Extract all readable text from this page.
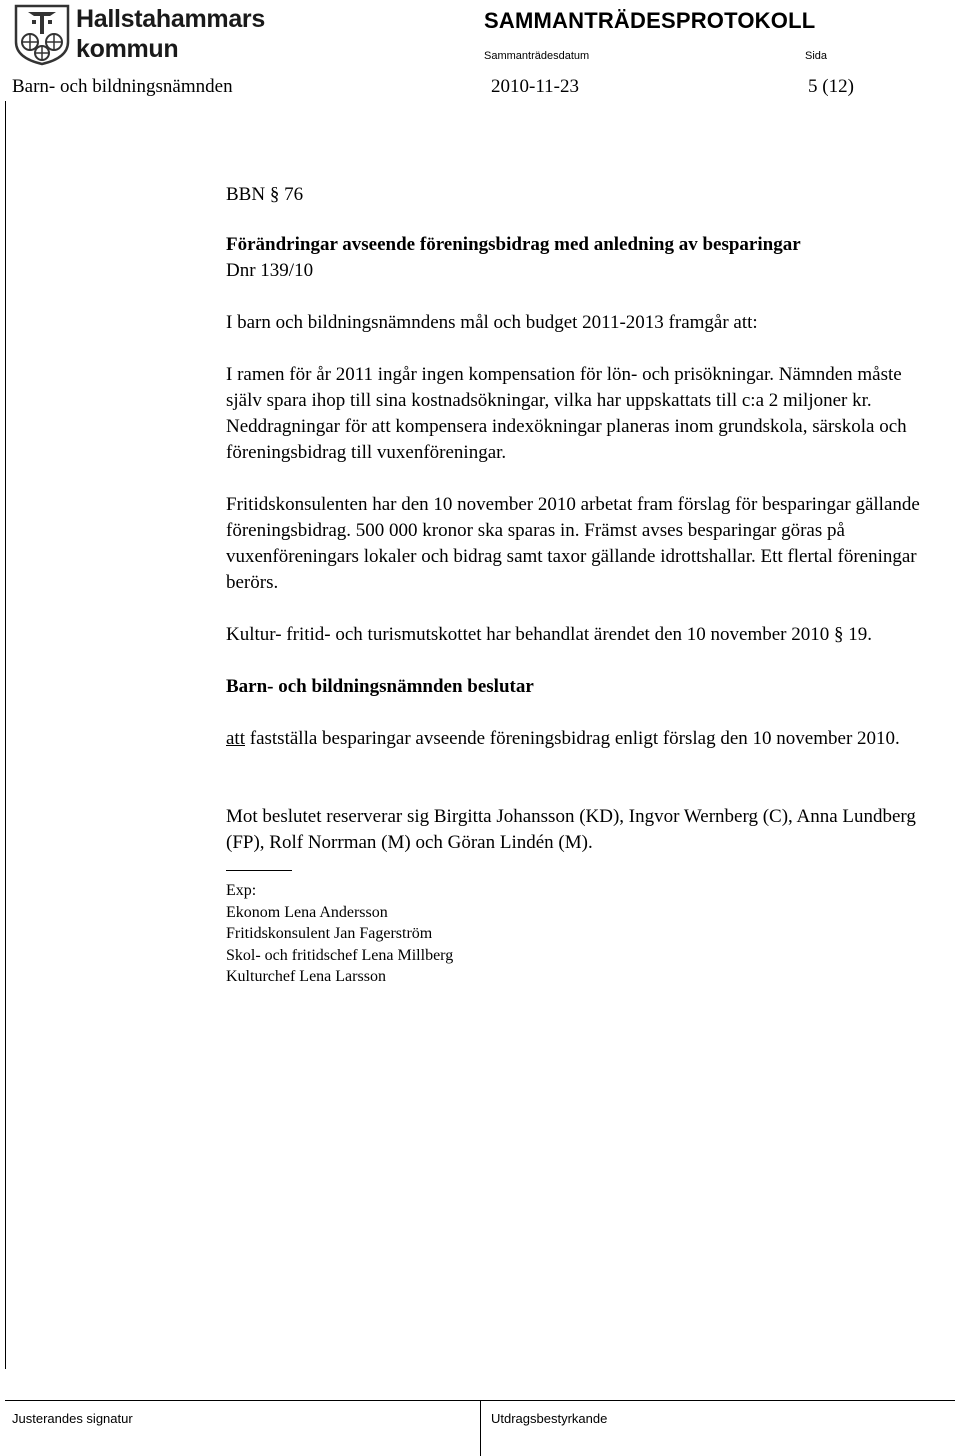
Hallstahammars
kommun
SAMMANTRÄDESPROTOKOLL
Sammanträdesdatum	Sida
Barn- och bildningsnämnden	2010-11-23	5 (12)

BBN § 76

Förändringar avseende föreningsbidrag med anledning av besparingar

Dnr 139/10

I barn och bildningsnämndens mål och budget 2011-2013 framgår att:

I ramen för år 2011 ingår ingen kompensation för lön- och prisökningar. Nämnden måste själv spara ihop till sina kostnadsökningar, vilka har uppskattats till c:a 2 miljoner kr. Neddragningar för att kompensera indexökningar planeras inom grundskola, särskola och föreningsbidrag till vuxenföreningar.

Fritidskonsulenten har den 10 november 2010 arbetat fram förslag för besparingar gällande föreningsbidrag. 500 000 kronor ska sparas in. Främst avses besparingar göras på vuxenföreningars lokaler och bidrag samt taxor gällande idrottshallar. Ett flertal föreningar berörs.

Kultur- fritid- och turismutskottet har behandlat ärendet den 10 november 2010 § 19.

Barn- och bildningsnämnden beslutar

att fastställa besparingar avseende föreningsbidrag enligt förslag den 10 november 2010.

Mot beslutet reserverar sig Birgitta Johansson (KD), Ingvor Wernberg (C), Anna Lundberg (FP), Rolf Norrman (M) och Göran Lindén (M).

Exp:
Ekonom Lena Andersson
Fritidskonsulent Jan Fagerström
Skol- och fritidschef Lena Millberg
Kulturchef Lena Larsson
Justerandes signatur	Utdragsbestyrkande
